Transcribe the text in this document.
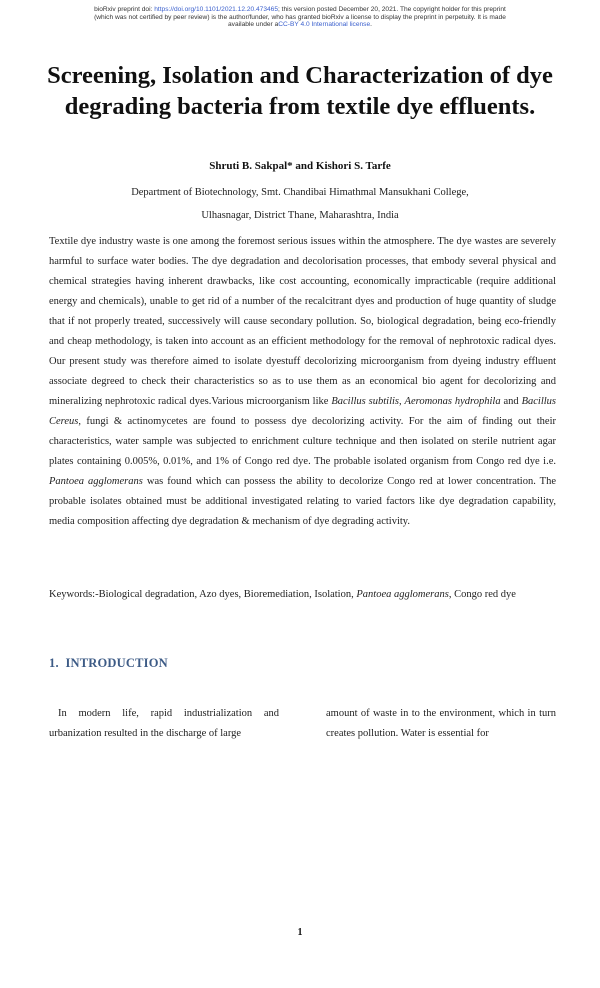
bioRxiv preprint doi: https://doi.org/10.1101/2021.12.20.473465; this version posted December 20, 2021. The copyright holder for this preprint
(which was not certified by peer review) is the author/funder, who has granted bioRxiv a license to display the preprint in perpetuity. It is made
available under aCC-BY 4.0 International license.
Screening, Isolation and Characterization of dye
degrading bacteria from textile dye effluents.
Shruti B. Sakpal* and Kishori S. Tarfe
Department of Biotechnology, Smt. Chandibai Himathmal Mansukhani College,
Ulhasnagar, District Thane, Maharashtra, India

Textile dye industry waste is one among the foremost serious issues within the atmosphere. The dye wastes are severely harmful to surface water bodies. The dye degradation and decolorisation processes, that embody several physical and chemical strategies having inherent drawbacks, like cost accounting, economically impracticable (require additional energy and chemicals), unable to get rid of a number of the recalcitrant dyes and production of huge quantity of sludge that if not properly treated, successively will cause secondary pollution. So, biological degradation, being eco-friendly and cheap methodology, is taken into account as an efficient methodology for the removal of nephrotoxic radical dyes. Our present study was therefore aimed to isolate dyestuff decolorizing microorganism from dyeing industry effluent associate degreed to check their characteristics so as to use them as an economical bio agent for decolorizing and mineralizing nephrotoxic radical dyes.Various microorganism like Bacillus subtilis, Aeromonas hydrophila and Bacillus Cereus, fungi & actinomycetes are found to possess dye decolorizing activity. For the aim of finding out their characteristics, water sample was subjected to enrichment culture technique and then isolated on sterile nutrient agar plates containing 0.005%, 0.01%, and 1% of Congo red dye. The probable isolated organism from Congo red dye i.e. Pantoea agglomerans was found which can possess the ability to decolorize Congo red at lower concentration. The probable isolates obtained must be additional investigated relating to varied factors like dye degradation capability, media composition affecting dye degradation & mechanism of dye degrading activity.

Keywords:-Biological degradation, Azo dyes, Bioremediation, Isolation, Pantoea agglomerans, Congo red dye

1. INTRODUCTION

In modern life, rapid industrialization and urbanization resulted in the discharge of large

amount of waste in to the environment, which in turn creates pollution. Water is essential for

1
